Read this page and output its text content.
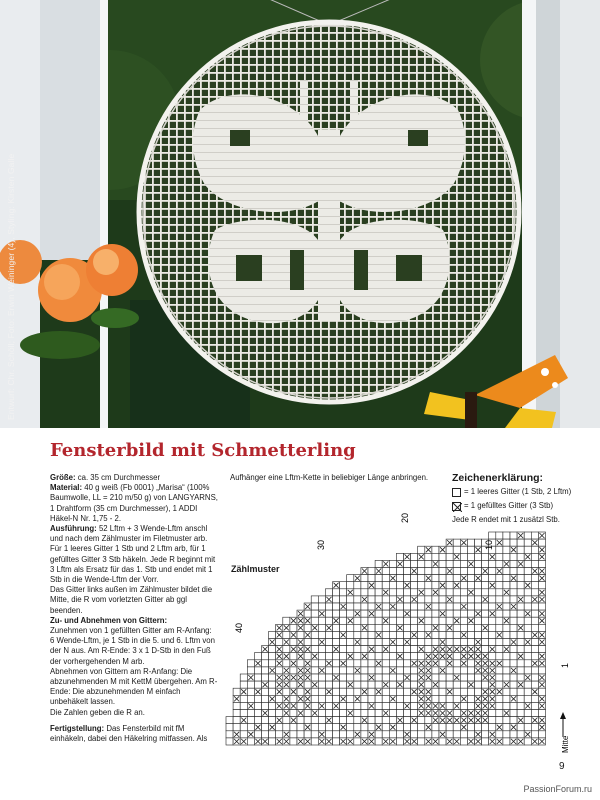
Entwurf: Chr. Schöll; Foto: Erwin Weininger (4), Styling: Kirsten Galle
Fensterbild mit Schmetterling

Größe: ca. 35 cm Durchmesser

Material: 40 g weiß (Fb 0001) „Marisa“ (100% Baumwolle, LL = 210 m/50 g) von LANGYARNS, 1 Drahtform (35 cm Durchmesser), 1 ADDI Häkel-N Nr. 1,75 - 2.

Ausführung: 52 Lftm + 3 Wende-Lftm anschl und nach dem Zählmuster im Filetmuster arb. Für 1 leeres Gitter 1 Stb und 2 Lftm arb, für 1 gefülltes Gitter 3 Stb häkeln. Jede R beginnt mit 3 Lftm als Ersatz für das 1. Stb und endet mit 1 Stb in die Wende-Lftm der Vorr.

Das Gitter links außen im Zählmuster bildet die Mitte, die R vom vorletzten Gitter ab ggl beenden.

Zu- und Abnehmen von Gittern:

Zunehmen von 1 gefüllten Gitter am R-Anfang: 6 Wende-Lftm, je 1 Stb in die 5. und 6. Lftm von der N aus. Am R-Ende: 3 x 1 D-Stb in den Fuß der vorhergehenden M arb.

Abnehmen von Gittern am R-Anfang: Die abzunehmenden M mit KettM übergehen. Am R-Ende: Die abzunehmenden M einfach unbehäkelt lassen.

Die Zahlen geben die R an.

Fertigstellung: Das Fensterbild mit fM einhäkeln, dabei den Häkelring mitfassen. Als

Aufhänger eine Lftm-Kette in beliebiger Länge anbringen. Zeichenerklärung:
= 1 leeres Gitter (1 Stb, 2 Lftm)
= 1 gefülltes Gitter (3 Stb)
Jede R endet mit 1 zusätzl Stb.
Zählmuster
20
30	10
40
1
Mitte
9
PassionForum.ru
